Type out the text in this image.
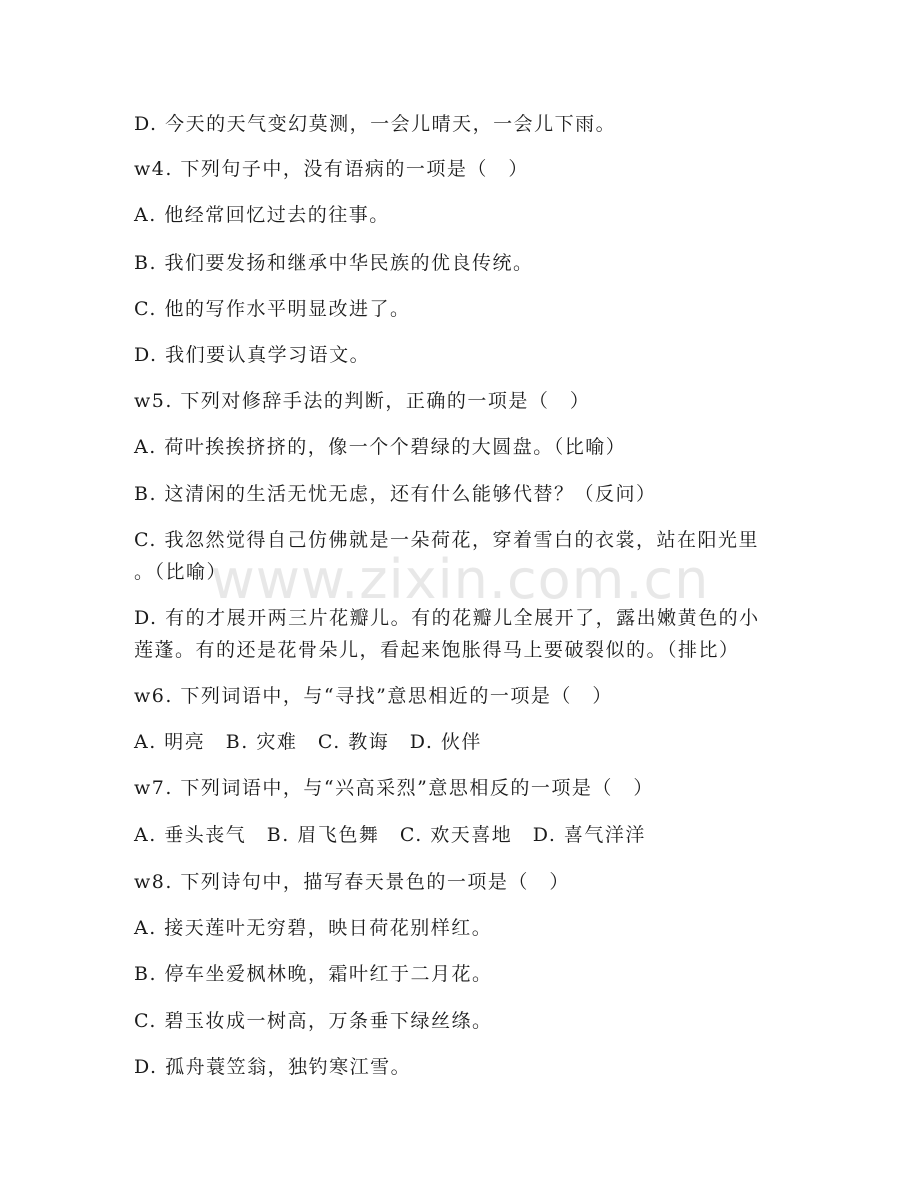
D. 今天的天气变幻莫测，一会儿晴天，一会儿下雨。
w4. 下列句子中，没有语病的一项是（　）
A. 他经常回忆过去的往事。
B. 我们要发扬和继承中华民族的优良传统。
C. 他的写作水平明显改进了。
D. 我们要认真学习语文。
w5. 下列对修辞手法的判断，正确的一项是（　）
A. 荷叶挨挨挤挤的，像一个个碧绿的大圆盘。（比喻）
B. 这清闲的生活无忧无虑，还有什么能够代替？（反问）
C. 我忽然觉得自己仿佛就是一朵荷花，穿着雪白的衣裳，站在阳光里
。（比喻）
D. 有的才展开两三片花瓣儿。有的花瓣儿全展开了，露出嫩黄色的小
莲蓬。有的还是花骨朵儿，看起来饱胀得马上要破裂似的。（排比）
w6. 下列词语中，与“寻找”意思相近的一项是（　）
A. 明亮　B. 灾难　C. 教诲　D. 伙伴
w7. 下列词语中，与“兴高采烈”意思相反的一项是（　）
A. 垂头丧气　B. 眉飞色舞　C. 欢天喜地　D. 喜气洋洋
w8. 下列诗句中，描写春天景色的一项是（　）
A. 接天莲叶无穷碧，映日荷花别样红。
B. 停车坐爱枫林晚，霜叶红于二月花。
C. 碧玉妆成一树高，万条垂下绿丝绦。
D. 孤舟蓑笠翁，独钓寒江雪。
www.zixin.com.cn
